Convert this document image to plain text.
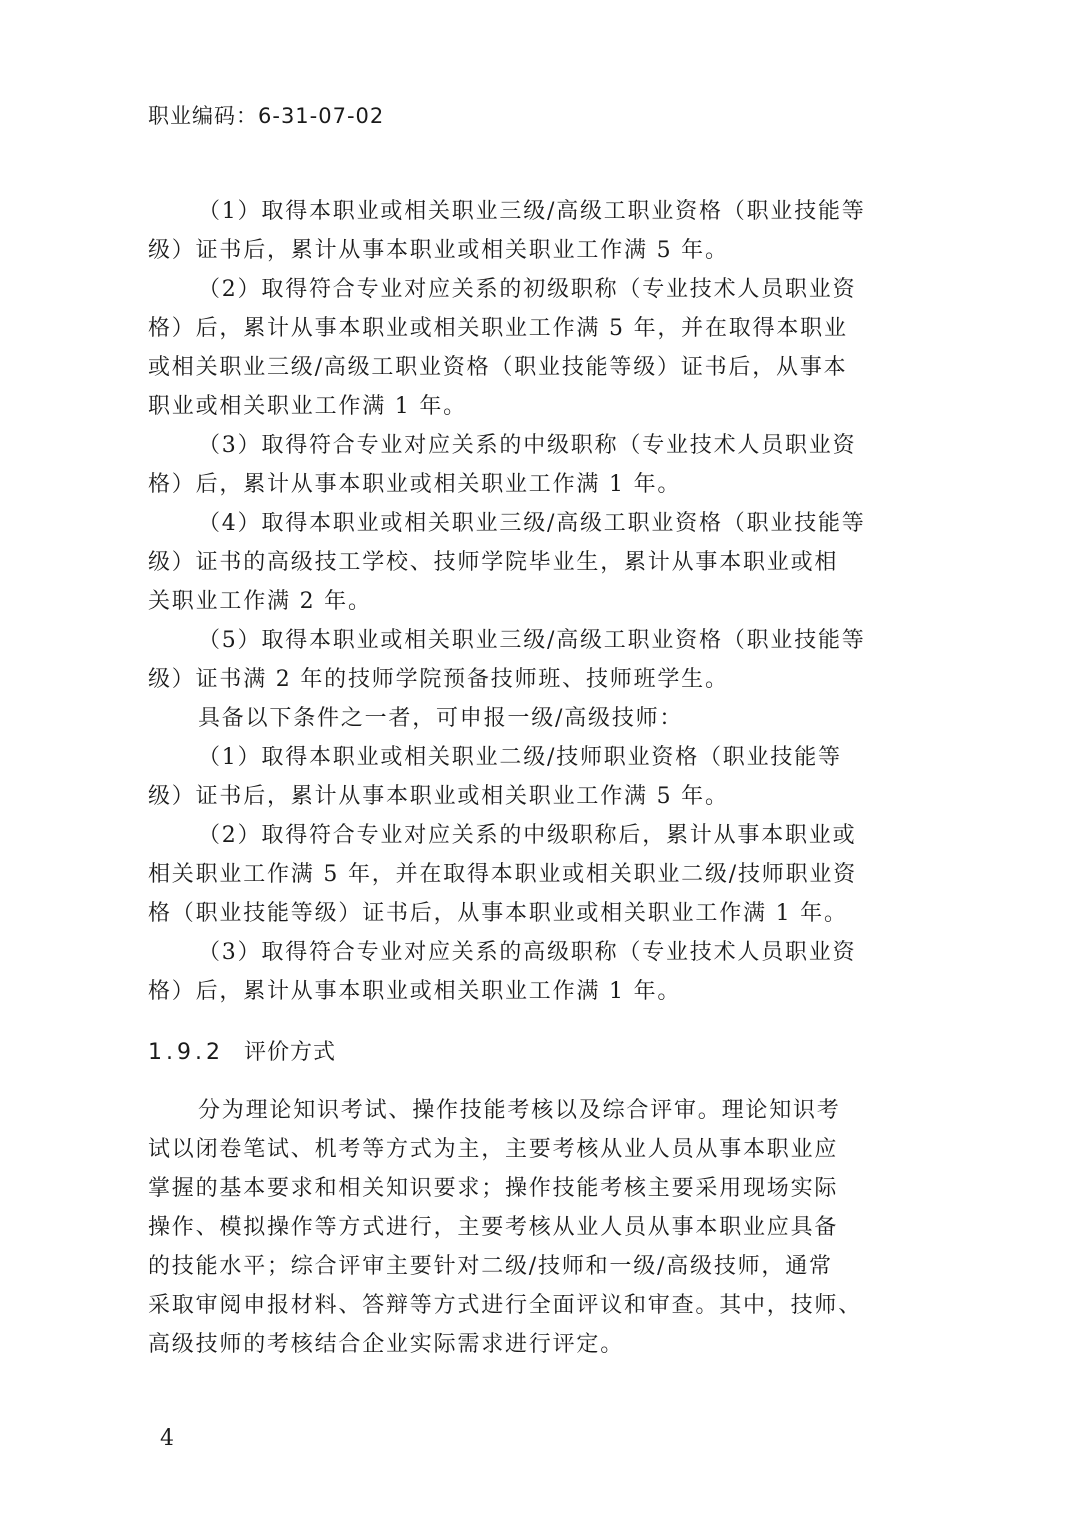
职业编码：6-31-07-02
（1）取得本职业或相关职业三级/高级工职业资格（职业技能等
级）证书后，累计从事本职业或相关职业工作满 5 年。
（2）取得符合专业对应关系的初级职称（专业技术人员职业资
格）后，累计从事本职业或相关职业工作满 5 年，并在取得本职业
或相关职业三级/高级工职业资格（职业技能等级）证书后，从事本
职业或相关职业工作满 1 年。
（3）取得符合专业对应关系的中级职称（专业技术人员职业资
格）后，累计从事本职业或相关职业工作满 1 年。
（4）取得本职业或相关职业三级/高级工职业资格（职业技能等
级）证书的高级技工学校、技师学院毕业生，累计从事本职业或相
关职业工作满 2 年。
（5）取得本职业或相关职业三级/高级工职业资格（职业技能等
级）证书满 2 年的技师学院预备技师班、技师班学生。
具备以下条件之一者，可申报一级/高级技师：
（1）取得本职业或相关职业二级/技师职业资格（职业技能等
级）证书后，累计从事本职业或相关职业工作满 5 年。
（2）取得符合专业对应关系的中级职称后，累计从事本职业或
相关职业工作满 5 年，并在取得本职业或相关职业二级/技师职业资
格（职业技能等级）证书后，从事本职业或相关职业工作满 1 年。
（3）取得符合专业对应关系的高级职称（专业技术人员职业资
格）后，累计从事本职业或相关职业工作满 1 年。
1.9.2 评价方式
分为理论知识考试、操作技能考核以及综合评审。理论知识考
试以闭卷笔试、机考等方式为主，主要考核从业人员从事本职业应
掌握的基本要求和相关知识要求；操作技能考核主要采用现场实际
操作、模拟操作等方式进行，主要考核从业人员从事本职业应具备
的技能水平；综合评审主要针对二级/技师和一级/高级技师，通常
采取审阅申报材料、答辩等方式进行全面评议和审查。其中，技师、
高级技师的考核结合企业实际需求进行评定。
4
